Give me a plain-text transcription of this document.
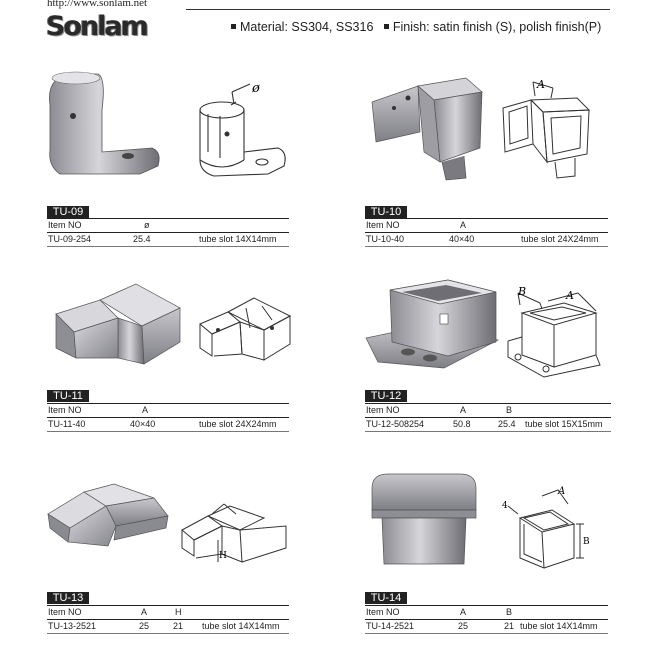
http://www.sonlam.net
Sonlam	Material: SS304, SS316 Finish: satin finish (S), polish finish(P)
ø
TU-09
Item NO	ø
TU-09-254	25.4	tube slot 14X14mm
A
TU-10
Item NO	A
TU-10-40	40×40	tube slot 24X24mm
TU-11
Item NO	A
TU-11-40	40×40	tube slot 24X24mm
B	A
TU-12
Item NO	A	B
TU-12-508254	50.8	25.4 tube slot 15X15mm
H
TU-13
Item NO	A	H
TU-13-2521	25	21 tube slot 14X14mm
4
A
B
TU-14
Item NO	A	B
TU-14-2521	25	21 tube slot 14X14mm
